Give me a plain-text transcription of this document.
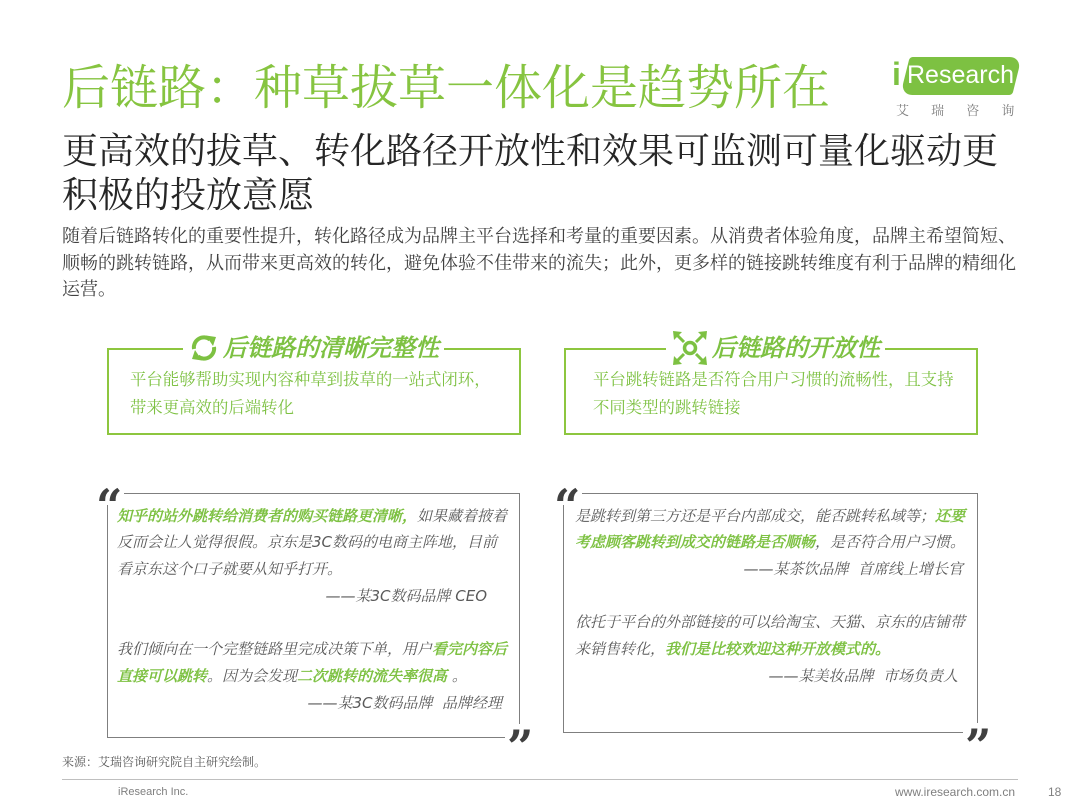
后链路：种草拔草一体化是趋势所在 i Research
艾 瑞 咨 询
更高效的拔草、转化路径开放性和效果可监测可量化驱动更
积极的投放意愿
随着后链路转化的重要性提升，转化路径成为品牌主平台选择和考量的重要因素。从消费者体验角度，品牌主希望简短、
顺畅的跳转链路，从而带来更高效的转化，避免体验不佳带来的流失；此外，更多样的链接跳转维度有利于品牌的精细化
运营。
后链路的清晰完整性
平台能够帮助实现内容种草到拔草的一站式闭环，
带来更高效的后端转化
后链路的开放性
平台跳转链路是否符合用户习惯的流畅性，且支持
不同类型的跳转链接
“
”
知乎的站外跳转给消费者的购买链路更清晰，如果藏着掖着
反而会让人觉得很假。京东是3C数码的电商主阵地，目前
看京东这个口子就要从知乎打开。
——某3C数码品牌 CEO
我们倾向在一个完整链路里完成决策下单，用户看完内容后
直接可以跳转。因为会发现二次跳转的流失率很高 。
——某3C数码品牌  品牌经理
“
”
是跳转到第三方还是平台内部成交，能否跳转私域等；还要
考虑顾客跳转到成交的链路是否顺畅，是否符合用户习惯。
——某茶饮品牌  首席线上增长官
依托于平台的外部链接的可以给淘宝、天猫、京东的店铺带
来销售转化，我们是比较欢迎这种开放模式的。
——某美妆品牌  市场负责人
来源：艾瑞咨询研究院自主研究绘制。
iResearch Inc.	www.iresearch.com.cn	18
